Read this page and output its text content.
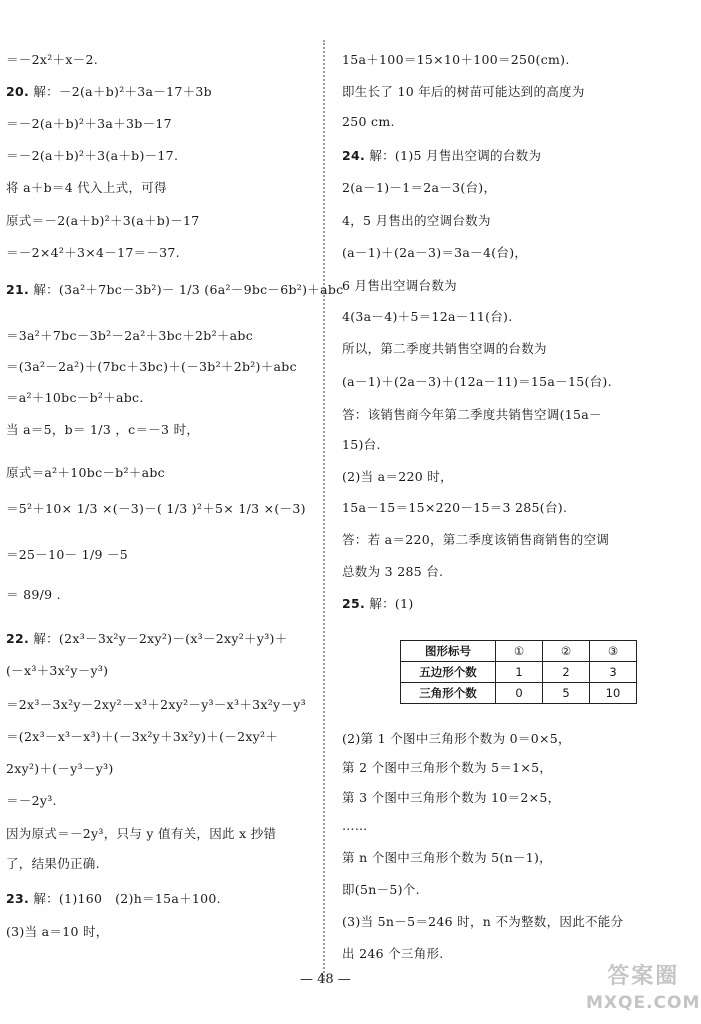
＝－2x²＋x－2.
20. 解：－2(a＋b)²＋3a－17＋3b
＝－2(a＋b)²＋3a＋3b－17
＝－2(a＋b)²＋3(a＋b)－17.
将 a＋b＝4 代入上式，可得
原式＝－2(a＋b)²＋3(a＋b)－17
＝－2×4²＋3×4－17＝－37.
21. 解：(3a²＋7bc－3b²)－ 1/3 (6a²－9bc－6b²)＋abc
＝3a²＋7bc－3b²－2a²＋3bc＋2b²＋abc
＝(3a²－2a²)＋(7bc＋3bc)＋(－3b²＋2b²)＋abc
＝a²＋10bc－b²＋abc.
当 a＝5，b＝ 1/3 ，c＝－3 时，
原式＝a²＋10bc－b²＋abc
＝5²＋10× 1/3 ×(－3)－( 1/3 )²＋5× 1/3 ×(－3)
＝25－10－ 1/9 －5
＝ 89/9 .
22. 解：(2x³－3x²y－2xy²)－(x³－2xy²＋y³)＋
(－x³＋3x²y－y³)
＝2x³－3x²y－2xy²－x³＋2xy²－y³－x³＋3x²y－y³
＝(2x³－x³－x³)＋(－3x²y＋3x²y)＋(－2xy²＋
2xy²)＋(－y³－y³)
＝－2y³.
因为原式＝－2y³，只与 y 值有关，因此 x 抄错
了，结果仍正确.
23. 解：(1)160　(2)h＝15a＋100.
(3)当 a＝10 时，
15a＋100＝15×10＋100＝250(cm).
即生长了 10 年后的树苗可能达到的高度为
250 cm.
24. 解：(1)5 月售出空调的台数为
2(a－1)－1＝2a－3(台)，
4，5 月售出的空调台数为
(a－1)＋(2a－3)＝3a－4(台)，
6 月售出空调台数为
4(3a－4)＋5＝12a－11(台).
所以，第二季度共销售空调的台数为
(a－1)＋(2a－3)＋(12a－11)＝15a－15(台).
答：该销售商今年第二季度共销售空调(15a－
15)台.
(2)当 a＝220 时，
15a－15＝15×220－15＝3 285(台).
答：若 a＝220，第二季度该销售商销售的空调
总数为 3 285 台.
25. 解：(1)
(2)第 1 个图中三角形个数为 0＝0×5，
第 2 个图中三角形个数为 5＝1×5，
第 3 个图中三角形个数为 10＝2×5，
……
第 n 个图中三角形个数为 5(n－1)，
即(5n－5)个.
(3)当 5n－5＝246 时，n 不为整数，因此不能分
出 246 个三角形.
图形标号	①	②	③
五边形个数	1	2	3
三角形个数	0	5	10
— 48 —	答案圈
MXQE.COM
